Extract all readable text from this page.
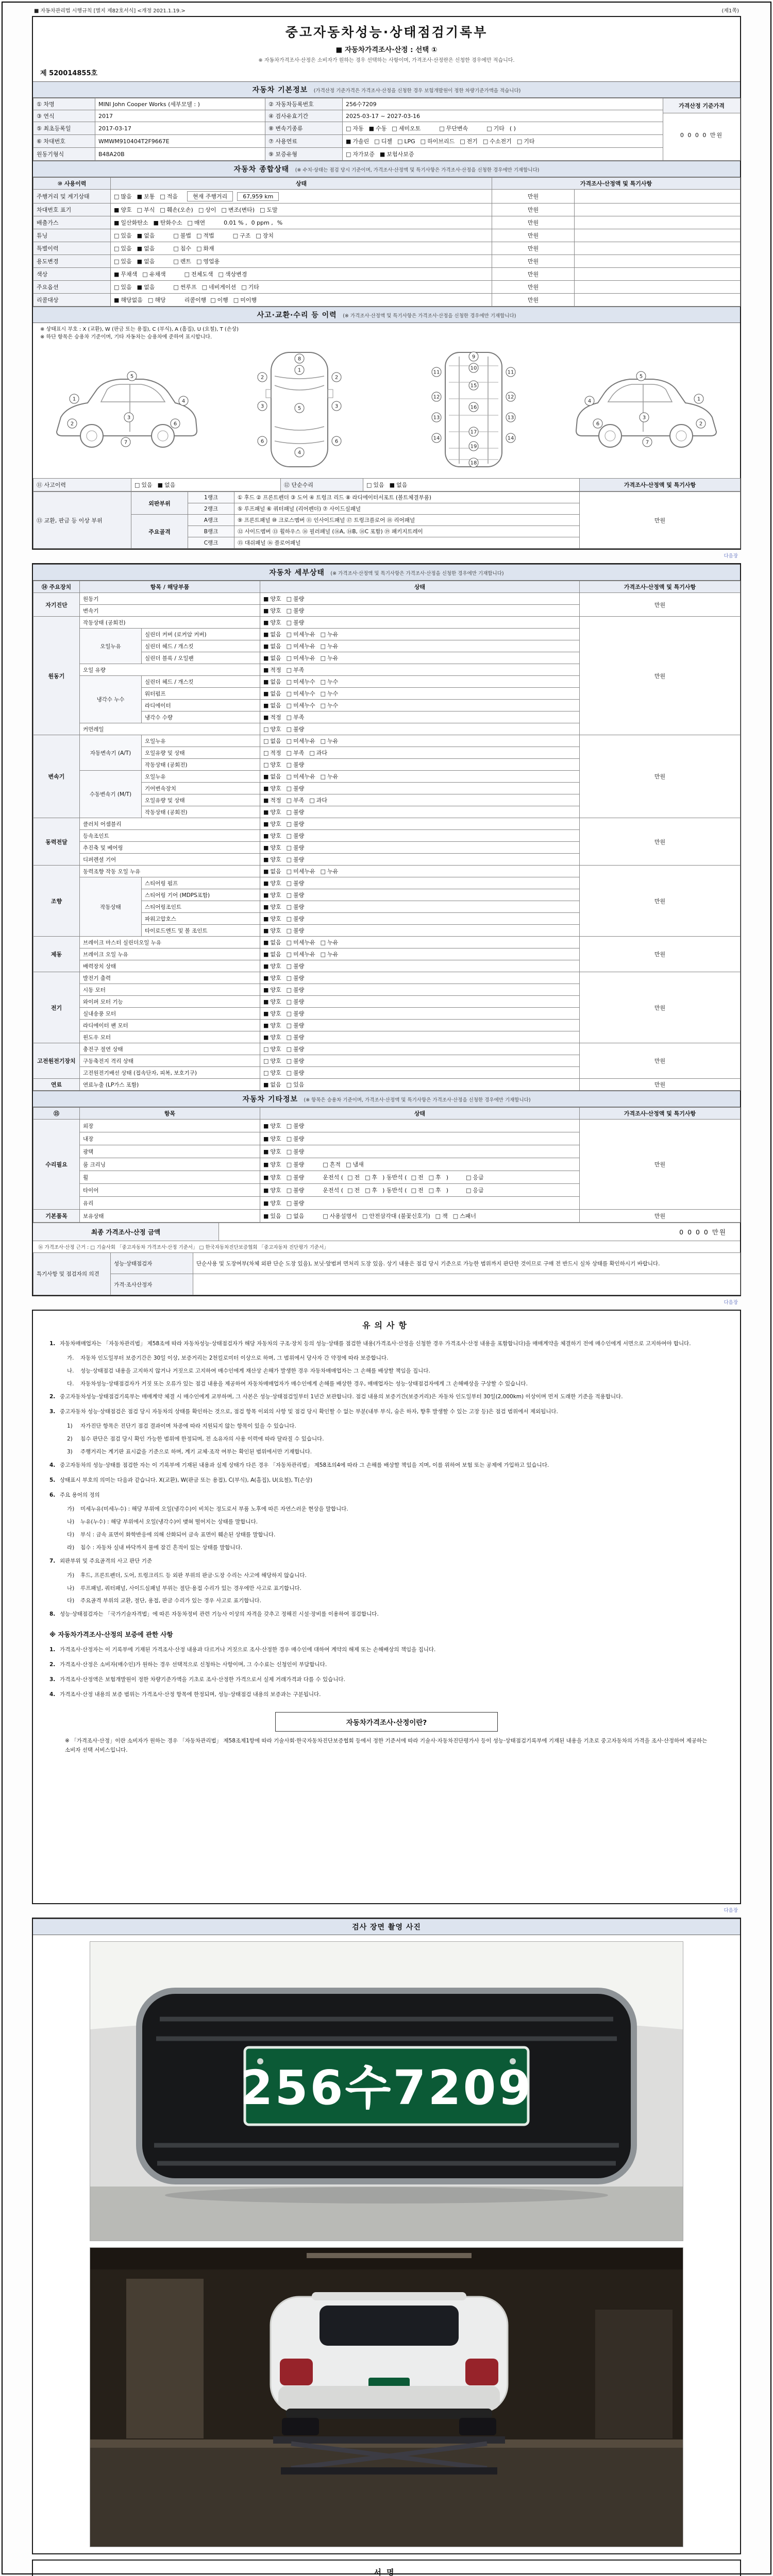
■ 자동차관리법 시행규칙 [별지 제82호서식] <개정 2021.1.19.>	(제1쪽)
중고자동차성능·상태점검기록부
■ 자동차가격조사·산정 : 선택 ①
※ 자동차가격조사·산정은 소비자가 원하는 경우 선택하는 사항이며, 가격조사·산정란은 신청한 경우에만 적습니다.
제 520014855호
자동차 기본정보 (가격산정 기준가격은 가격조사·산정을 신청한 경우 보험개발원이 정한 차량기준가액을 적습니다)
① 차명	MINI John Cooper Works (세부모델 : )	② 자동차등록번호	256수7209	가격산정 기준가격
0 0 0 0 만원

③ 연식	2017	④ 검사유효기간	2025-03-17 ~ 2027-03-16	
⑤ 최초등록일	2017-03-17	⑧ 변속기종류	□ 자동 ■ 수동 □ 세미오토 □ 무단변속 □ 기타 ( )	
⑥ 차대번호	WMWM910404T2F9667E	⑦ 사용연료	■ 가솔린 □ 디젤 □ LPG □ 하이브리드 □ 전기 □ 수소전기 □ 기타	
원동기형식	B48A20B	⑨ 보증유형	□ 자가보증 ■ 보험사보증	
자동차 종합상태 (※ 수치·상태는 점검 당시 기준이며, 가격조사·산정액 및 특기사항은 가격조사·산정을 신청한 경우에만 기재합니다)
⑩ 사용이력	상태	가격조사·산정액 및 특기사항	
주행거리 및 계기상태	□ 많음 ■ 보통 □ 적음 현재 주행거리 67,959 km	만원	
차대번호 표기	■ 양호 □ 부식 □ 훼손(오손) □ 상이 □ 변조(변타) □ 도말	만원	
배출가스	■ 일산화탄소 ■ 탄화수소 □ 매연 0.01 % , 0 ppm , %	만원	
튜닝	□ 있음 ■ 없음 □ 불법 □ 적법 □ 구조 □ 장치	만원	
특별이력	□ 있음 ■ 없음 □ 침수 □ 화재	만원	
용도변경	□ 있음 ■ 없음 □ 렌트 □ 영업용	만원	
색상	■ 무채색 □ 유채색 □ 전체도색 □ 색상변경	만원	
주요옵션	□ 있음 ■ 없음 □ 썬루프 □ 네비게이션 □ 기타	만원	
리콜대상	■ 해당없음 □ 해당 리콜이행 □ 이행 □ 미이행	만원	
사고·교환·수리 등 이력 (※ 가격조사·산정액 및 특기사항은 가격조사·산정을 신청한 경우에만 기재합니다)
※ 상태표시 부호 : X (교환), W (판금 또는 용접), C (부식), A (흠집), U (요철), T (손상)
※ 하단 항목은 승용차 기준이며, 기타 자동차는 승용차에 준하여 표시합니다.
1
2
3
4
5
6
7
8
1
2	2
5
3	3
6	6
4
9
10
11	11
12	12
13	13
14	14
15
16
17
18
19
1
2
3
4
5
6
7
⑪ 사고이력	□ 있음 ■ 없음	⑫ 단순수리	□ 있음 ■ 없음	가격조사·산정액 및 특기사항
⑬ 교환, 판금 등 이상 부위	외판부위	1랭크	① 후드 ② 프론트펜더 ③ 도어 ④ 트렁크 리드 ⑧ 라디에이터서포트 (볼트체결부품)	만원
		2랭크	⑤ 루프패널 ⑥ 쿼터패널 (리어펜더) ⑦ 사이드실패널	
	주요골격	A랭크	⑨ 프론트패널 ⑩ 크로스멤버 ⑪ 인사이드패널 ⑰ 트렁크플로어 ⑱ 리어패널	
		B랭크	⑫ 사이드멤버 ⑬ 휠하우스 ⑭ 필러패널 (⑭A, ⑭B, ⑭C 포함) ⑲ 패키지트레이	
		C랭크	⑮ 대쉬패널 ⑯ 플로어패널	
다음장
자동차 세부상태 (※ 가격조사·산정액 및 특기사항은 가격조사·산정을 신청한 경우에만 기재합니다)
⑭ 주요장치	항목 / 해당부품		상태	가격조사·산정액 및 특기사항
자기진단	원동기		■ 양호 □ 불량	만원
	변속기		■ 양호 □ 불량	
원동기	작동상태 (공회전)		■ 양호 □ 불량	만원
	오일누유	실린더 커버 (로커암 커버)	■ 없음 □ 미세누유 □ 누유	
		실린더 헤드 / 개스킷	■ 없음 □ 미세누유 □ 누유	
		실린더 블록 / 오일팬	■ 없음 □ 미세누유 □ 누유	
	오일 유량		■ 적정 □ 부족	
	냉각수 누수	실린더 헤드 / 개스킷	■ 없음 □ 미세누수 □ 누수	
		워터펌프	■ 없음 □ 미세누수 □ 누수	
		라디에이터	■ 없음 □ 미세누수 □ 누수	
		냉각수 수량	■ 적정 □ 부족	
	커먼레일		□ 양호 □ 불량	
변속기	자동변속기 (A/T)	오일누유	□ 없음 □ 미세누유 □ 누유	만원
		오일유량 및 상태	□ 적정 □ 부족 □ 과다	
		작동상태 (공회전)	□ 양호 □ 불량	
	수동변속기 (M/T)	오일누유	■ 없음 □ 미세누유 □ 누유	
		기어변속장치	■ 양호 □ 불량	
		오일유량 및 상태	■ 적정 □ 부족 □ 과다	
		작동상태 (공회전)	■ 양호 □ 불량	
동력전달	클러치 어셈블리		■ 양호 □ 불량	만원
	등속조인트		■ 양호 □ 불량	
	추진축 및 베어링		■ 양호 □ 불량	
	디퍼렌셜 기어		■ 양호 □ 불량	
조향	동력조향 작동 오일 누유		■ 없음 □ 미세누유 □ 누유	만원
	작동상태	스티어링 펌프	■ 양호 □ 불량	
		스티어링 기어 (MDPS포함)	■ 양호 □ 불량	
		스티어링조인트	■ 양호 □ 불량	
		파워고압호스	■ 양호 □ 불량	
		타이로드엔드 및 볼 조인트	■ 양호 □ 불량	
제동	브레이크 마스터 실린더오일 누유		■ 없음 □ 미세누유 □ 누유	만원
	브레이크 오일 누유		■ 없음 □ 미세누유 □ 누유	
	배력장치 상태		■ 양호 □ 불량	
전기	발전기 출력		■ 양호 □ 불량	만원
	시동 모터		■ 양호 □ 불량	
	와이퍼 모터 기능		■ 양호 □ 불량	
	실내송풍 모터		■ 양호 □ 불량	
	라디에이터 팬 모터		■ 양호 □ 불량	
	윈도우 모터		■ 양호 □ 불량	
고전원전기장치	충전구 절연 상태		□ 양호 □ 불량	만원
	구동축전지 격리 상태		□ 양호 □ 불량	
	고전원전기배선 상태 (접속단자, 피복, 보호기구)		□ 양호 □ 불량	
연료	연료누출 (LP가스 포함)		■ 없음 □ 있음	만원
자동차 기타정보 (※ 항목은 승용차 기준이며, 가격조사·산정액 및 특기사항은 가격조사·산정을 신청한 경우에만 기재합니다)
⑮	항목	상태	가격조사·산정액 및 특기사항
수리필요	외장	■ 양호 □ 불량	만원
	내장	■ 양호 □ 불량	
	광택	■ 양호 □ 불량	
	룸 크리닝	■ 양호 □ 불량 □ 흔적 □ 냄새	
	휠	■ 양호 □ 불량 운전석 ( □ 전 □ 후 ) 동반석 ( □ 전 □ 후 ) □ 응급	
	타이어	■ 양호 □ 불량 운전석 ( □ 전 □ 후 ) 동반석 ( □ 전 □ 후 ) □ 응급	
	유리	■ 양호 □ 불량	
기본품목	보유상태	■ 있음 □ 없음 □ 사용설명서 □ 안전삼각대 (불꽃신호기) □ 잭 □ 스패너	만원
최종 가격조사·산정 금액	0 0 0 0 만원
⑯ 가격조사·산정 근거 : □ 기술사회 「중고자동차 가격조사·산정 기준서」 □ 한국자동차진단보증협회 「중고자동차 진단평가 기준서」
특기사항 및 점검자의 의견	성능·상태점검자	단순사용 및 도장여부(차체 외판 단순 도장 있음), 보닛·앞범퍼 면처리 도장 있음. 상기 내용은 점검 당시 기준으로 가능한 범위까지 판단한 것이므로 구매 전 반드시 실차 상태를 확인하시기 바랍니다.
	가격·조사산정자	
다음장
유의사항
1. 자동차매매업자는 「자동차관리법」 제58조에 따라 자동차성능·상태점검자가 해당 자동차의 구조·장치 등의 성능·상태를 점검한 내용(가격조사·산정을 신청한 경우 가격조사·산정 내용을 포함합니다)을 매매계약을 체결하기 전에 매수인에게 서면으로 고지하여야 합니다.
가.	자동차 인도일부터 보증기간은 30일 이상, 보증거리는 2천킬로미터 이상으로 하며, 그 범위에서 당사자 간 약정에 따라 보증합니다.
나.	성능·상태점검 내용을 고지하지 않거나 거짓으로 고지하여 매수인에게 재산상 손해가 발생한 경우 자동차매매업자는 그 손해를 배상할 책임을 집니다.
다.	자동차성능·상태점검자가 거짓 또는 오류가 있는 점검 내용을 제공하여 자동차매매업자가 매수인에게 손해를 배상한 경우, 매매업자는 성능·상태점검자에게 그 손해배상을 구상할 수 있습니다.
2. 중고자동차성능·상태점검기록부는 매매계약 체결 시 매수인에게 교부하며, 그 사본은 성능·상태점검일부터 1년간 보관합니다. 점검 내용의 보증기간(보증거리)은 자동차 인도일부터 30일(2,000km) 이상이며 먼저 도래한 기준을 적용합니다.
3. 중고자동차 성능·상태점검은 점검 당시 자동차의 상태를 확인하는 것으로, 점검 항목 이외의 사항 및 점검 당시 확인할 수 없는 부분(내부 부식, 숨은 하자, 향후 발생할 수 있는 고장 등)은 점검 범위에서 제외됩니다.
1)	자가진단 항목은 진단기 점검 결과이며 차종에 따라 지원되지 않는 항목이 있을 수 있습니다.
2)	침수 판단은 점검 당시 확인 가능한 범위에 한정되며, 전 소유자의 사용 이력에 따라 달라질 수 있습니다.
3)	주행거리는 계기판 표시값을 기준으로 하며, 계기 교체·조작 여부는 확인된 범위에서만 기재합니다.
4. 중고자동차의 성능·상태를 점검한 자는 이 기록부에 기재된 내용과 실제 상태가 다른 경우 「자동차관리법」 제58조의4에 따라 그 손해를 배상할 책임을 지며, 이를 위하여 보험 또는 공제에 가입하고 있습니다.
5. 상태표시 부호의 의미는 다음과 같습니다. X(교환), W(판금 또는 용접), C(부식), A(흠집), U(요철), T(손상)
6. 주요 용어의 정의
가)	미세누유(미세누수) : 해당 부위에 오일(냉각수)이 비치는 정도로서 부품 노후에 따른 자연스러운 현상을 말합니다.
나)	누유(누수) : 해당 부위에서 오일(냉각수)이 맺혀 떨어지는 상태를 말합니다.
다)	부식 : 금속 표면이 화학반응에 의해 산화되어 금속 표면이 훼손된 상태를 말합니다.
라)	침수 : 자동차 실내 바닥까지 물에 잠긴 흔적이 있는 상태를 말합니다.
7. 외판부위 및 주요골격의 사고 판단 기준
가)	후드, 프론트펜더, 도어, 트렁크리드 등 외판 부위의 판금·도장 수리는 사고에 해당하지 않습니다.
나)	루프패널, 쿼터패널, 사이드실패널 부위는 절단·용접 수리가 있는 경우에만 사고로 표기합니다.
다)	주요골격 부위의 교환, 절단, 용접, 판금 수리가 있는 경우 사고로 표기합니다.
8. 성능·상태점검자는 「국가기술자격법」에 따른 자동차정비 관련 기능사 이상의 자격을 갖추고 정해진 시설·장비를 이용하여 점검합니다.
※ 자동차가격조사·산정의 보증에 관한 사항
1. 가격조사·산정자는 이 기록부에 기재된 가격조사·산정 내용과 다르거나 거짓으로 조사·산정한 경우 매수인에 대하여 계약의 해제 또는 손해배상의 책임을 집니다.
2. 가격조사·산정은 소비자(매수인)가 원하는 경우 선택적으로 신청하는 사항이며, 그 수수료는 신청인이 부담합니다.
3. 가격조사·산정액은 보험개발원이 정한 차량기준가액을 기초로 조사·산정한 가격으로서 실제 거래가격과 다를 수 있습니다.
4. 가격조사·산정 내용의 보증 범위는 가격조사·산정 항목에 한정되며, 성능·상태점검 내용의 보증과는 구분됩니다.
자동차가격조사·산정이란?
※ 「가격조사·산정」이란 소비자가 원하는 경우 「자동차관리법」 제58조제1항에 따라 기술사회·한국자동차진단보증협회 등에서 정한 기준서에 따라 기술사·자동차진단평가사 등이 성능·상태점검기록부에 기재된 내용을 기초로 중고자동차의 가격을 조사·산정하여 제공하는 소비자 선택 서비스입니다.
다음장
검사 장면 촬영 사진
256수7209
서명
